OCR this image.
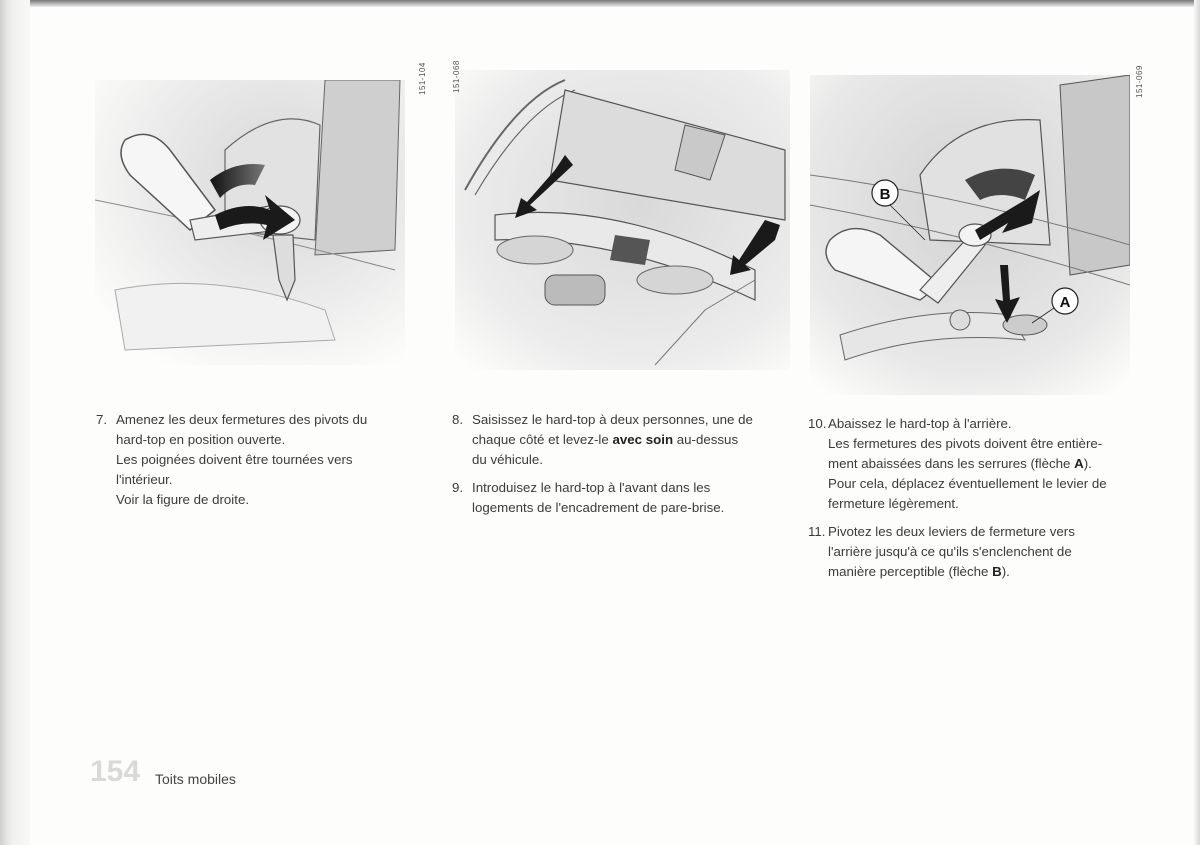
151-104	151-068
B
A
151-069
7. Amenez les deux fermetures des pivots du
hard-top en position ouverte.
Les poignées doivent être tournées vers
l'intérieur.
Voir la figure de droite.
8. Saisissez le hard-top à deux personnes, une de
chaque côté et levez-le avec soin au-dessus
du véhicule.
9. Introduisez le hard-top à l'avant dans les
logements de l'encadrement de pare-brise.
10. Abaissez le hard-top à l'arrière.
Les fermetures des pivots doivent être entière-
ment abaissées dans les serrures (flèche A).
Pour cela, déplacez éventuellement le levier de
fermeture légèrement.
11. Pivotez les deux leviers de fermeture vers
l'arrière jusqu'à ce qu'ils s'enclenchent de
manière perceptible (flèche B).
154 Toits mobiles
